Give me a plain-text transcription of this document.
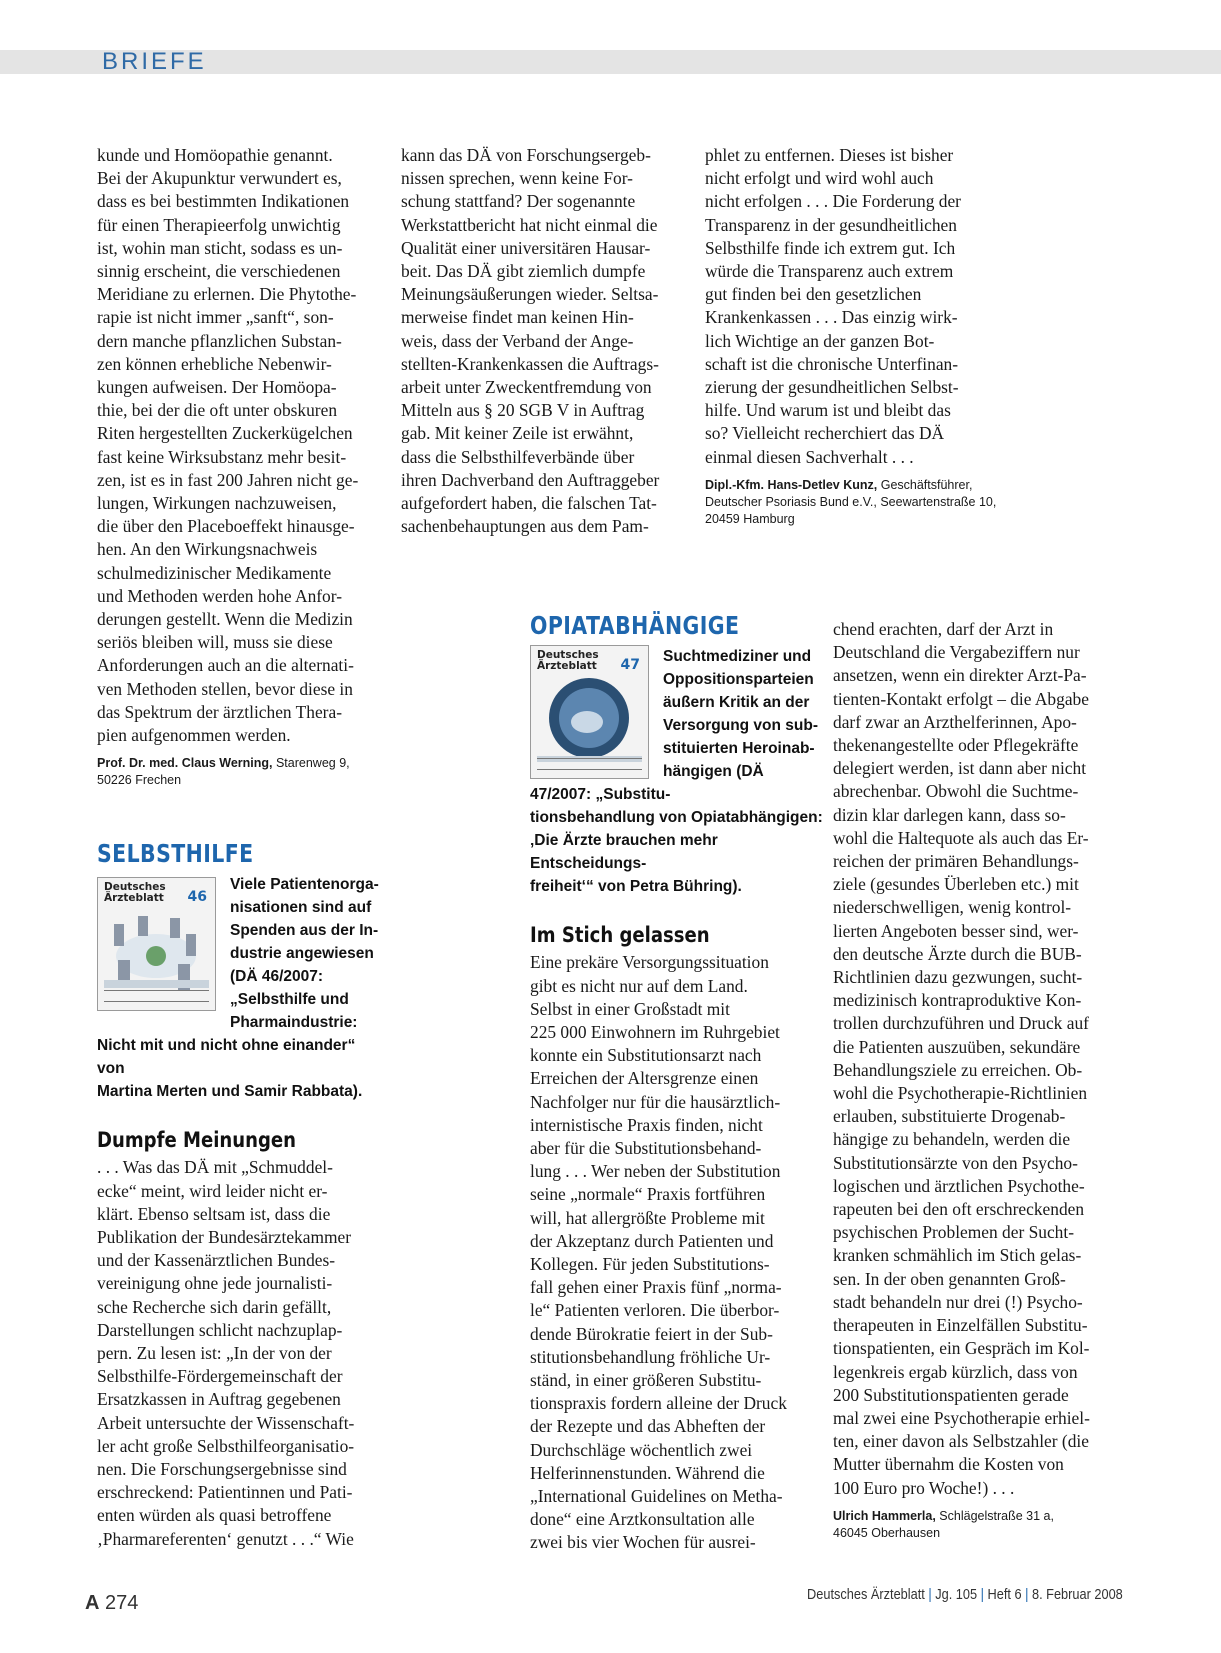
BRIEFE

kunde und Homöopathie genannt.
Bei der Akupunktur verwundert es,
dass es bei bestimmten Indikationen
für einen Therapieerfolg unwichtig
ist, wohin man sticht, sodass es un-
sinnig erscheint, die verschiedenen
Meridiane zu erlernen. Die Phytothe-
rapie ist nicht immer „sanft“, son-
dern manche pflanzlichen Substan-
zen können erhebliche Nebenwir-
kungen aufweisen. Der Homöopa-
thie, bei der die oft unter obskuren
Riten hergestellten Zuckerkügelchen
fast keine Wirksubstanz mehr besit-
zen, ist es in fast 200 Jahren nicht ge-
lungen, Wirkungen nachzuweisen,
die über den Placeboeffekt hinausge-
hen. An den Wirkungsnachweis
schulmedizinischer Medikamente
und Methoden werden hohe Anfor-
derungen gestellt. Wenn die Medizin
seriös bleiben will, muss sie diese
Anforderungen auch an die alternati-
ven Methoden stellen, bevor diese in
das Spektrum der ärztlichen Thera-
pien aufgenommen werden.

Prof. Dr. med. Claus Werning, Starenweg 9,
50226 Frechen

kann das DÄ von Forschungsergeb-
nissen sprechen, wenn keine For-
schung stattfand? Der sogenannte
Werkstattbericht hat nicht einmal die
Qualität einer universitären Hausar-
beit. Das DÄ gibt ziemlich dumpfe
Meinungsäußerungen wieder. Seltsa-
merweise findet man keinen Hin-
weis, dass der Verband der Ange-
stellten-Krankenkassen die Auftrags-
arbeit unter Zweckentfremdung von
Mitteln aus § 20 SGB V in Auftrag
gab. Mit keiner Zeile ist erwähnt,
dass die Selbsthilfeverbände über
ihren Dachverband den Auftraggeber
aufgefordert haben, die falschen Tat-
sachenbehauptungen aus dem Pam-

phlet zu entfernen. Dieses ist bisher
nicht erfolgt und wird wohl auch
nicht erfolgen . . . Die Forderung der
Transparenz in der gesundheitlichen
Selbsthilfe finde ich extrem gut. Ich
würde die Transparenz auch extrem
gut finden bei den gesetzlichen
Krankenkassen . . . Das einzig wirk-
lich Wichtige an der ganzen Bot-
schaft ist die chronische Unterfinan-
zierung der gesundheitlichen Selbst-
hilfe. Und warum ist und bleibt das
so? Vielleicht recherchiert das DÄ
einmal diesen Sachverhalt . . .

Dipl.-Kfm. Hans-Detlev Kunz, Geschäftsführer,
Deutscher Psoriasis Bund e.V., Seewartenstraße 10,
20459 Hamburg
SELBSTHILFE
Deutsches
Ärzteblatt 46
Viele Patientenorga-
nisationen sind auf
Spenden aus der In-
dustrie angewiesen
(DÄ 46/2007:
„Selbsthilfe und
Pharmaindustrie:
Nicht mit und nicht ohne einander“ von
Martina Merten und Samir Rabbata).
Dumpfe Meinungen

. . . Was das DÄ mit „Schmuddel-
ecke“ meint, wird leider nicht er-
klärt. Ebenso seltsam ist, dass die
Publikation der Bundesärztekammer
und der Kassenärztlichen Bundes-
vereinigung ohne jede journalisti-
sche Recherche sich darin gefällt,
Darstellungen schlicht nachzuplap-
pern. Zu lesen ist: „In der von der
Selbsthilfe-Fördergemeinschaft der
Ersatzkassen in Auftrag gegebenen
Arbeit untersuchte der Wissenschaft-
ler acht große Selbsthilfeorganisatio-
nen. Die Forschungsergebnisse sind
erschreckend: Patientinnen und Pati-
enten würden als quasi betroffene
‚Pharmareferenten‘ genutzt . . .“ Wie

OPIATABHÄNGIGE
Deutsches
Ärzteblatt 47	Suchtmediziner und
Oppositionsparteien
äußern Kritik an der
Versorgung von sub-
stituierten Heroinab-
hängigen (DÄ
47/2007: „Substitu-
tionsbehandlung von Opiatabhängigen:
‚Die Ärzte brauchen mehr Entscheidungs-
freiheit‘“ von Petra Bühring).
Im Stich gelassen

Eine prekäre Versorgungssituation
gibt es nicht nur auf dem Land.
Selbst in einer Großstadt mit
225 000 Einwohnern im Ruhrgebiet
konnte ein Substitutionsarzt nach
Erreichen der Altersgrenze einen
Nachfolger nur für die hausärztlich-
internistische Praxis finden, nicht
aber für die Substitutionsbehand-
lung . . . Wer neben der Substitution
seine „normale“ Praxis fortführen
will, hat allergrößte Probleme mit
der Akzeptanz durch Patienten und
Kollegen. Für jeden Substitutions-
fall gehen einer Praxis fünf „norma-
le“ Patienten verloren. Die überbor-
dende Bürokratie feiert in der Sub-
stitutionsbehandlung fröhliche Ur-
ständ, in einer größeren Substitu-
tionspraxis fordern alleine der Druck
der Rezepte und das Abheften der
Durchschläge wöchentlich zwei
Helferinnenstunden. Während die
„International Guidelines on Metha-
done“ eine Arztkonsultation alle
zwei bis vier Wochen für ausrei-

chend erachten, darf der Arzt in
Deutschland die Vergabeziffern nur
ansetzen, wenn ein direkter Arzt-Pa-
tienten-Kontakt erfolgt – die Abgabe
darf zwar an Arzthelferinnen, Apo-
thekenangestellte oder Pflegekräfte
delegiert werden, ist dann aber nicht
abrechenbar. Obwohl die Suchtme-
dizin klar darlegen kann, dass so-
wohl die Haltequote als auch das Er-
reichen der primären Behandlungs-
ziele (gesundes Überleben etc.) mit
niederschwelligen, wenig kontrol-
lierten Angeboten besser sind, wer-
den deutsche Ärzte durch die BUB-
Richtlinien dazu gezwungen, sucht-
medizinisch kontraproduktive Kon-
trollen durchzuführen und Druck auf
die Patienten auszuüben, sekundäre
Behandlungsziele zu erreichen. Ob-
wohl die Psychotherapie-Richtlinien
erlauben, substituierte Drogenab-
hängige zu behandeln, werden die
Substitutionsärzte von den Psycho-
logischen und ärztlichen Psychothe-
rapeuten bei den oft erschreckenden
psychischen Problemen der Sucht-
kranken schmählich im Stich gelas-
sen. In der oben genannten Groß-
stadt behandeln nur drei (!) Psycho-
therapeuten in Einzelfällen Substitu-
tionspatienten, ein Gespräch im Kol-
legenkreis ergab kürzlich, dass von
200 Substitutionspatienten gerade
mal zwei eine Psychotherapie erhiel-
ten, einer davon als Selbstzahler (die
Mutter übernahm die Kosten von
100 Euro pro Woche!) . . .

Ulrich Hammerla, Schlägelstraße 31 a,
46045 Oberhausen
A 274	Deutsches Ärzteblatt | Jg. 105 | Heft 6 | 8. Februar 2008
